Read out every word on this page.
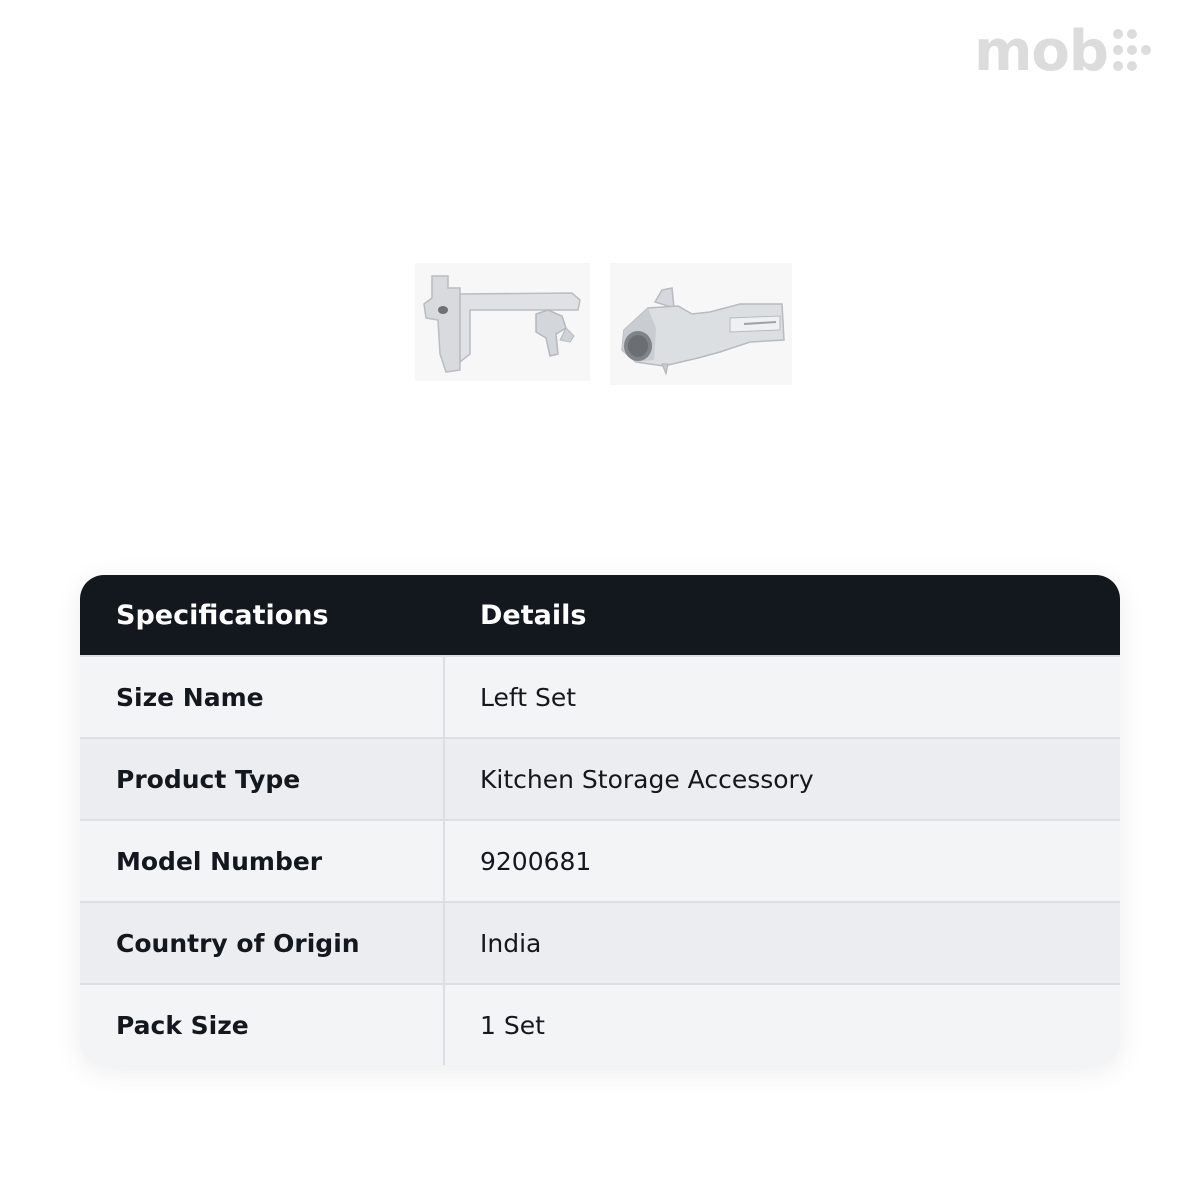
mob
Specifications	Details
Size Name	Left Set
Product Type	Kitchen Storage Accessory
Model Number	9200681
Country of Origin	India
Pack Size	1 Set
